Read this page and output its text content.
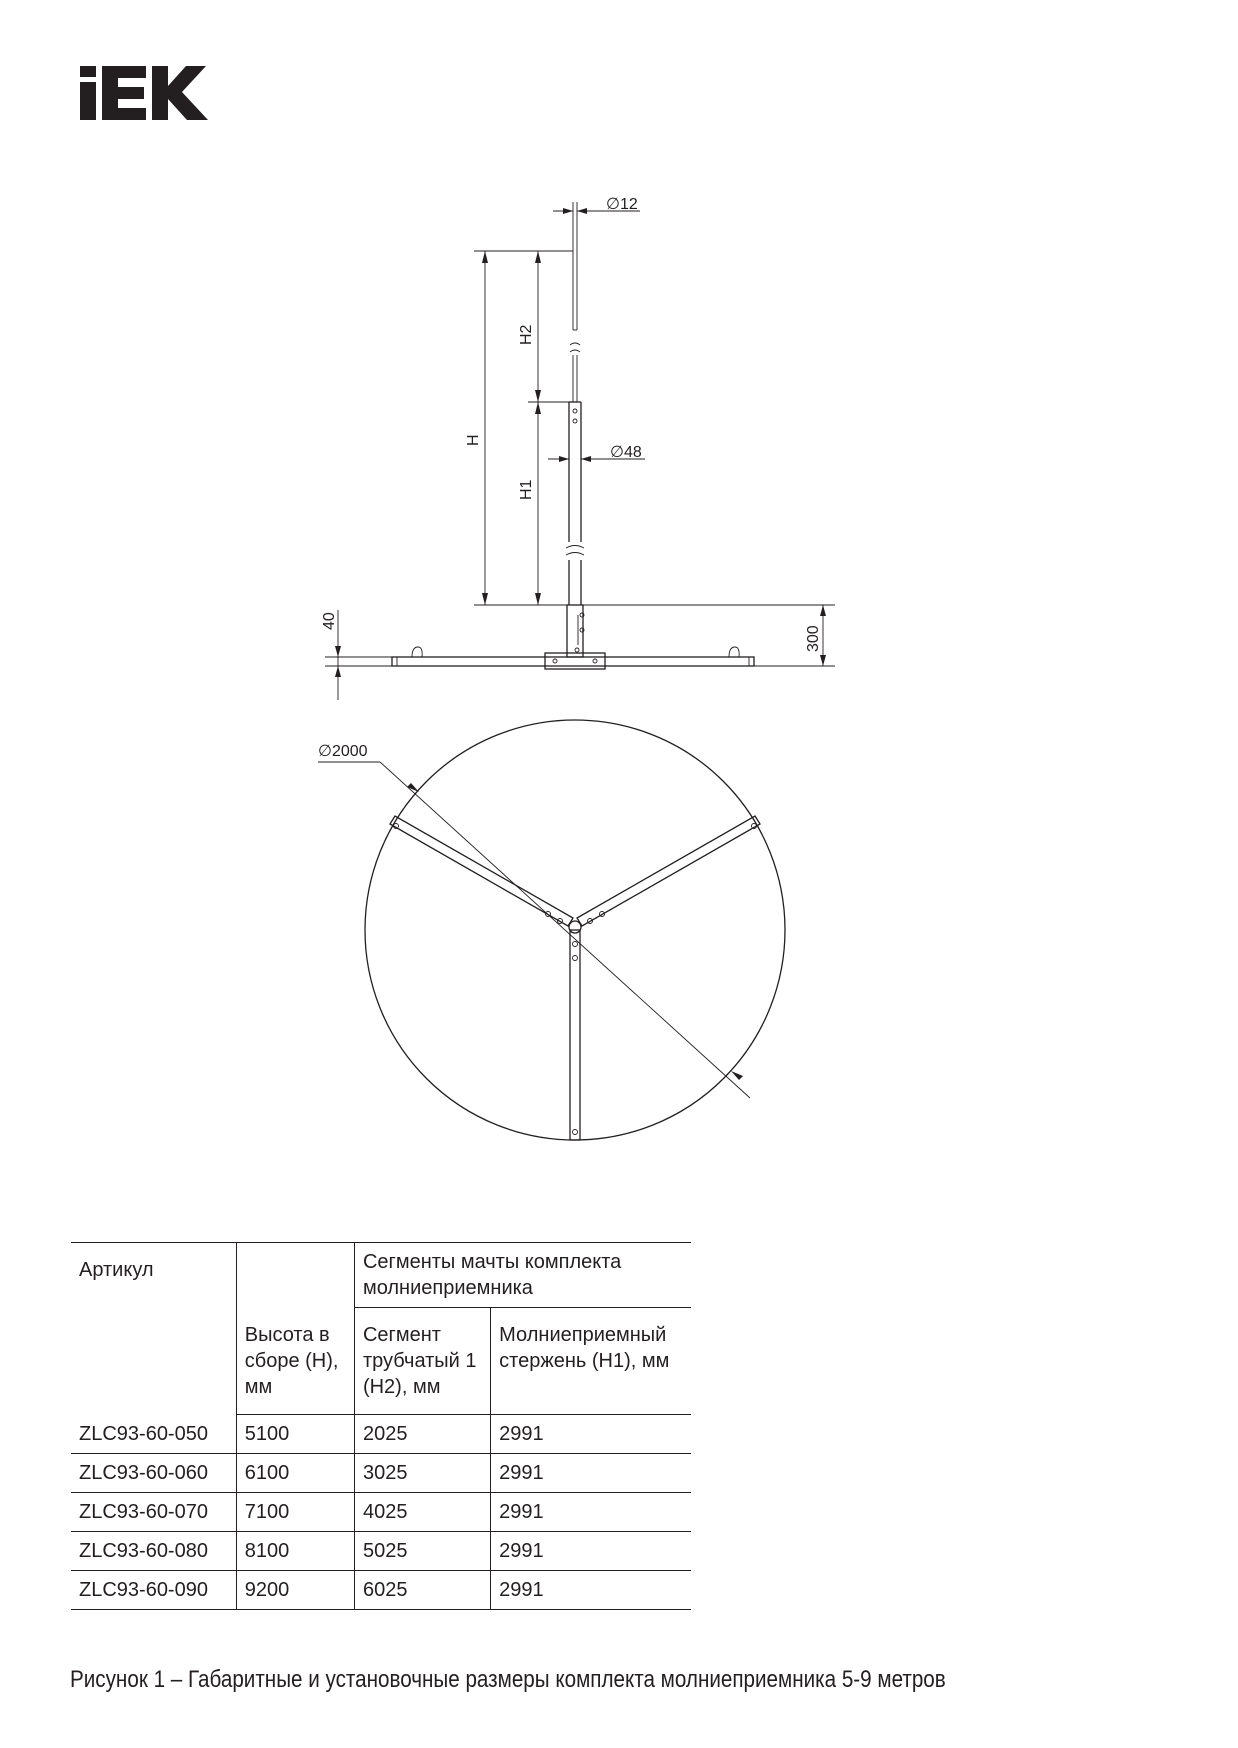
∅12
∅48
H
H2
H1
40
300
∅2000
Артикул		Сегменты мачты комплекта молниеприемника	
	Высота в сборе (Н), мм	Сегмент трубчатый 1 (Н2), мм	Молниеприемный стержень (Н1), мм
ZLC93-60-050	5100	2025	2991
ZLC93-60-060	6100	3025	2991
ZLC93-60-070	7100	4025	2991
ZLC93-60-080	8100	5025	2991
ZLC93-60-090	9200	6025	2991
Рисунок 1 – Габаритные и установочные размеры комплекта молниеприемника 5-9 метров
